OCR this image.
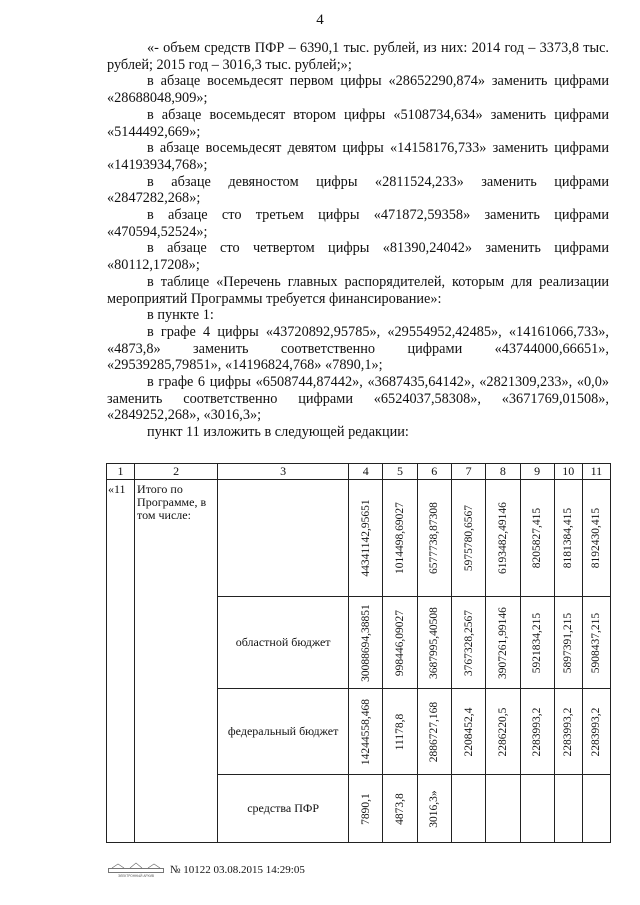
4

«- объем средств ПФР – 6390,1 тыс. рублей, из них: 2014 год – 3373,8 тыс. рублей; 2015 год – 3016,3 тыс. рублей;»;

в абзаце восемьдесят первом цифры «28652290,874» заменить цифрами «28688048,909»;

в абзаце восемьдесят втором цифры «5108734,634» заменить цифрами «5144492,669»;

в абзаце восемьдесят девятом цифры «14158176,733» заменить цифрами «14193934,768»;

в абзаце девяностом цифры «2811524,233» заменить цифрами «2847282,268»;

в абзаце сто третьем цифры «471872,59358» заменить цифрами «470594,52524»;

в абзаце сто четвертом цифры «81390,24042» заменить цифрами «80112,17208»;

в таблице «Перечень главных распорядителей, которым для реализации мероприятий Программы требуется финансирование»:

в пункте 1:

в графе 4 цифры «43720892,95785», «29554952,42485», «14161066,733», «4873,8» заменить соответственно цифрами «43744000,66651», «29539285,79851», «14196824,768» «7890,1»;

в графе 6 цифры «6508744,87442», «3687435,64142», «2821309,233», «0,0» заменить соответственно цифрами «6524037,58308», «3671769,01508», «2849252,268», «3016,3»;

пункт 11 изложить в следующей редакции:

1	2	3	4	5	6	7	8	9	10	11
«11	Итого по Программе, в том числе:		44341142,95651	1014498,69027	6577738,87308	5975780,6567	6193482,49146	8205827,415	8181384,415	8192430,415

		областной бюджет	30088694,38851	998446,09027	3687995,40508	3767328,2567	3907261,99146	5921834,215	5897391,215	5908437,215

		федеральный бюджет	14244558,468	11178,8	2886727,168	2208452,4	2286220,5	2283993,2	2283993,2	2283993,2

		средства ПФР	7890,1	4873,8	3016,3»					

ЭЛЕКТРОННЫЙ АРХИВ № 10122 03.08.2015 14:29:05
